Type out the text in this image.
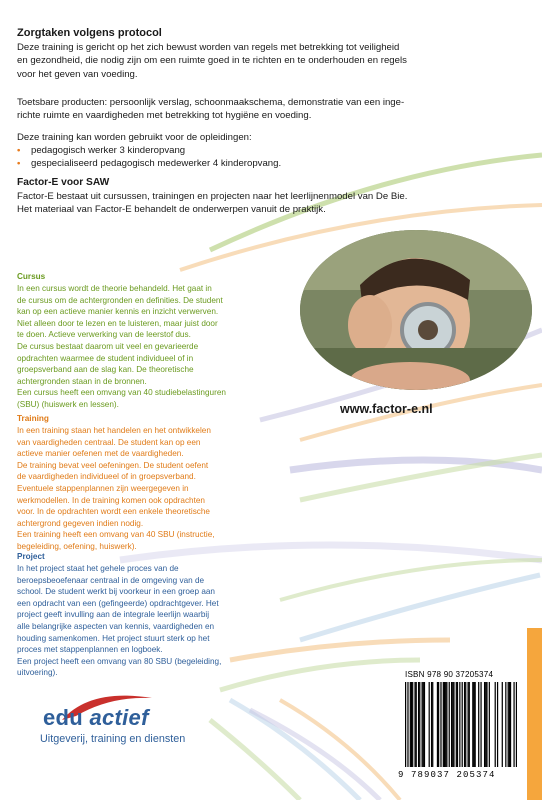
Zorgtaken volgens protocol
Deze training is gericht op het zich bewust worden van regels met betrekking tot veiligheid
en gezondheid, die nodig zijn om een ruimte goed in te richten en te onderhouden en regels
voor het geven van voeding.
Toetsbare producten: persoonlijk verslag, schoonmaakschema, demonstratie van een inge-
richte ruimte en vaardigheden met betrekking tot hygiëne en voeding.
Deze training kan worden gebruikt voor de opleidingen:
• pedagogisch werker 3 kinderopvang
• gespecialiseerd pedagogisch medewerker 4 kinderopvang.
Factor-E voor SAW
Factor-E bestaat uit cursussen, trainingen en projecten naar het leerlijnenmodel van De Bie.
Het materiaal van Factor-E behandelt de onderwerpen vanuit de praktijk.
www.factor-e.nl
Cursus
In een cursus wordt de theorie behandeld. Het gaat in
de cursus om de achtergronden en definities. De student
kan op een actieve manier kennis en inzicht verwerven.
Niet alleen door te lezen en te luisteren, maar juist door
te doen. Actieve verwerking van de leerstof dus.
De cursus bestaat daarom uit veel en gevarieerde
opdrachten waarmee de student individueel of in
groepsverband aan de slag kan. De theoretische
achtergronden staan in de bronnen.
Een cursus heeft een omvang van 40 studiebelastinguren
(SBU) (huiswerk en lessen).
Training
In een training staan het handelen en het ontwikkelen
van vaardigheden centraal. De student kan op een
actieve manier oefenen met de vaardigheden.
De training bevat veel oefeningen. De student oefent
de vaardigheden individueel of in groepsverband.
Eventuele stappenplannen zijn weergegeven in
werkmodellen. In de training komen ook opdrachten
voor. In de opdrachten wordt een enkele theoretische
achtergrond gegeven indien nodig.
Een training heeft een omvang van 40 SBU (instructie,
begeleiding, oefening, huiswerk).
Project
In het project staat het gehele proces van de
beroepsbeoefenaar centraal in de omgeving van de
school. De student werkt bij voorkeur in een groep aan
een opdracht van een (gefingeerde) opdrachtgever. Het
project geeft invulling aan de integrale leerlijn waarbij
alle belangrijke aspecten van kennis, vaardigheden en
houding samenkomen. Het project stuurt sterk op het
proces met stappenplannen en logboek.
Een project heeft een omvang van 80 SBU (begeleiding,
uitvoering).
edu actief
Uitgeverij, training en diensten
ISBN 978 90 37205374
9 789037 205374
